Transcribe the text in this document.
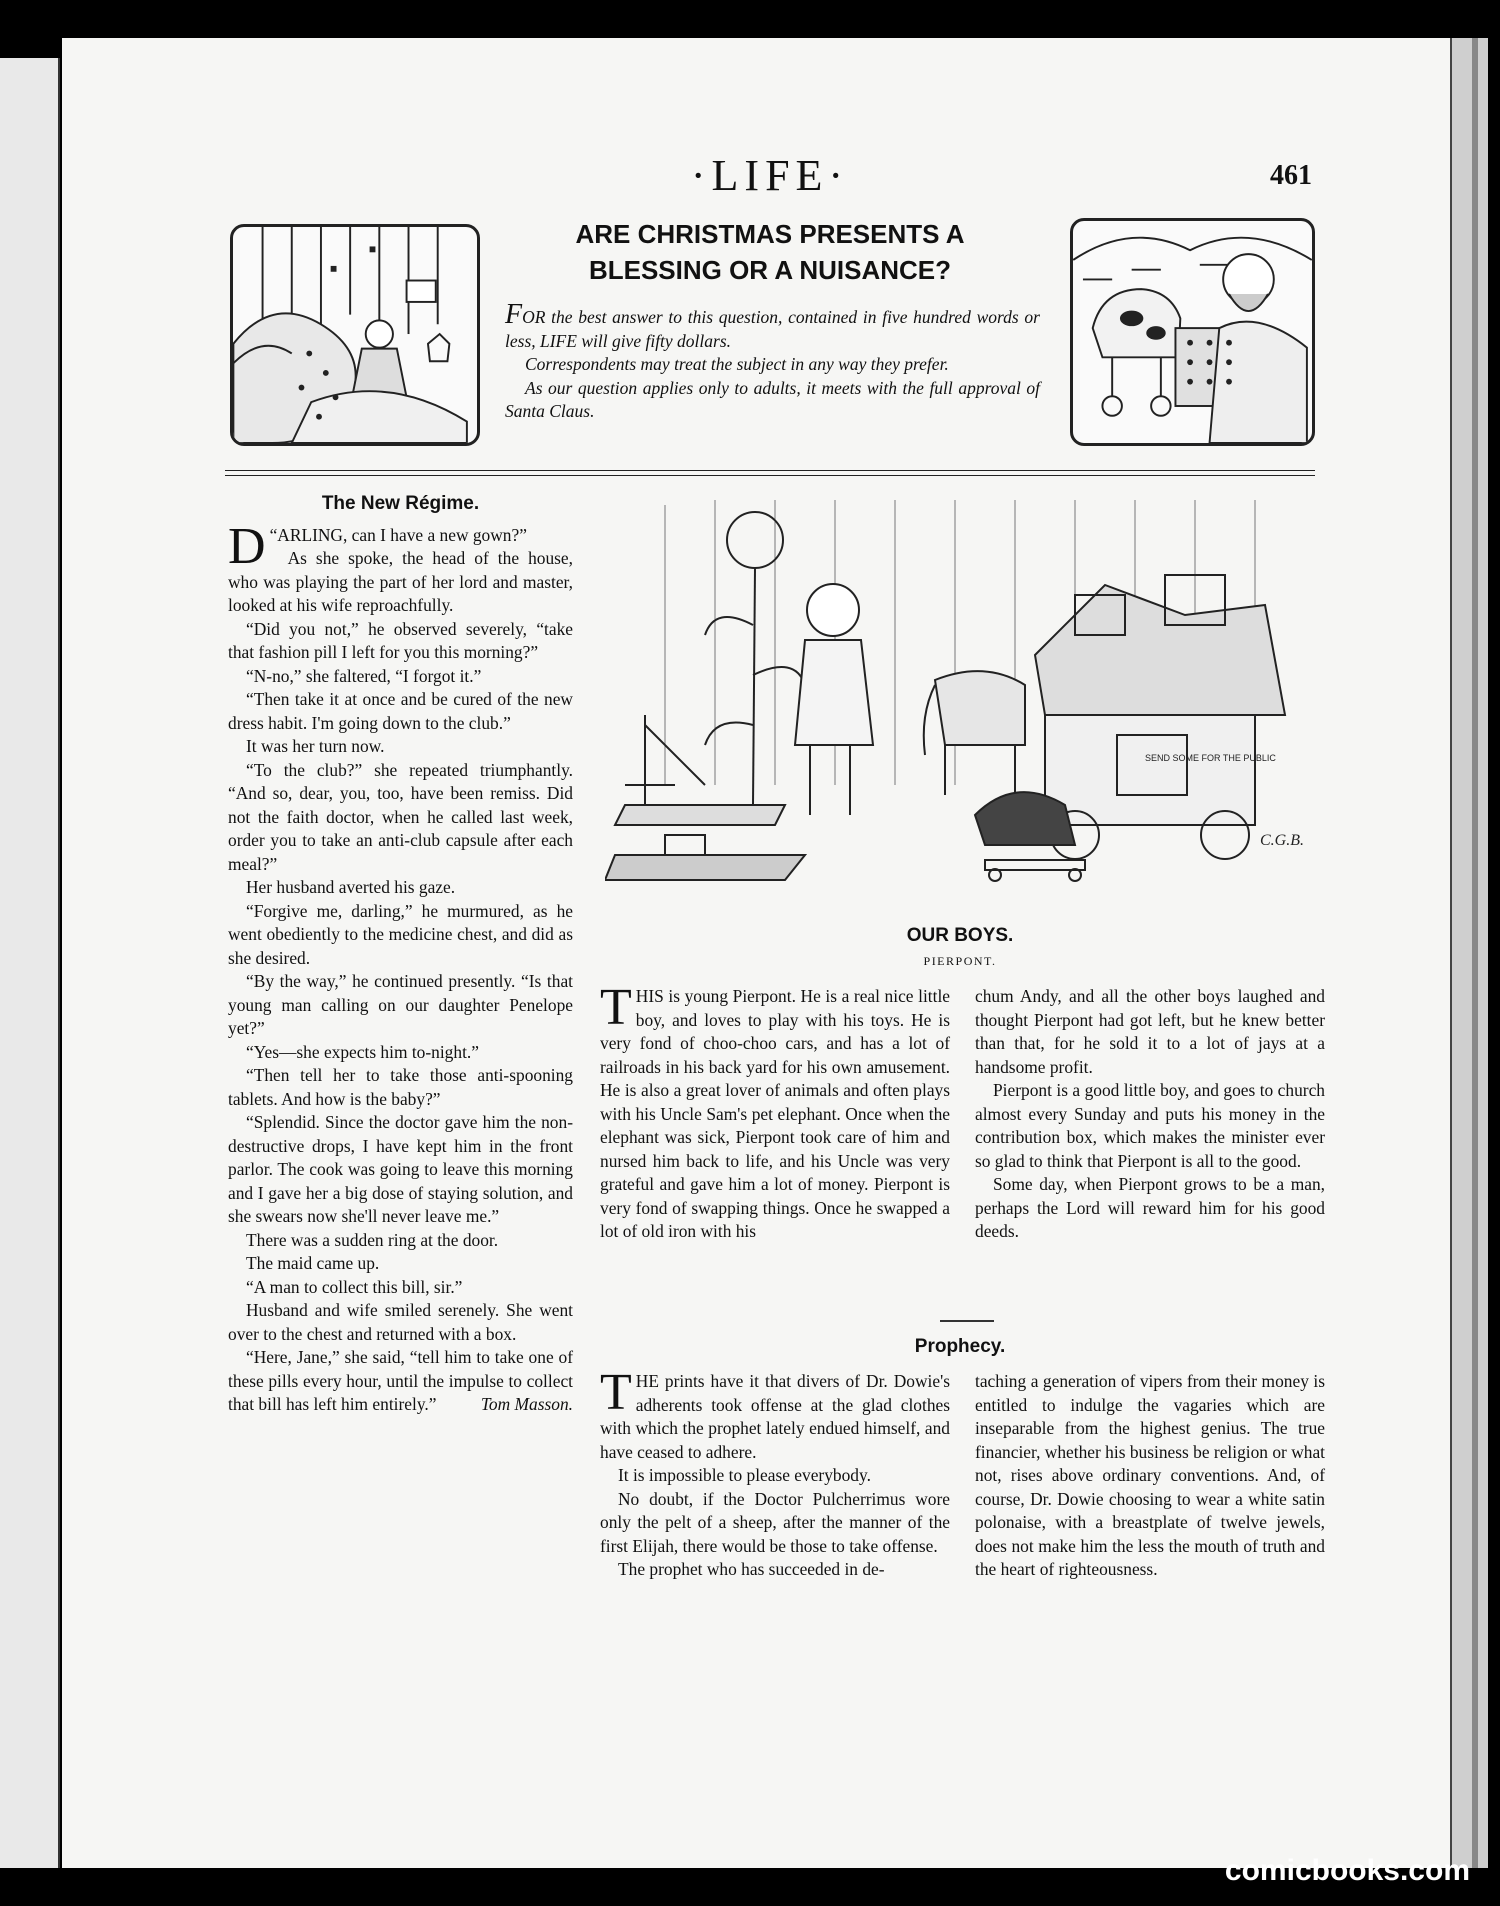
·LIFE·	461
ARE CHRISTMAS PRESENTS A
BLESSING OR A NUISANCE?

FOR the best answer to this question, contained in five hundred words or less, LIFE will give fifty dollars.

Correspondents may treat the subject in any way they prefer.

As our question applies only to adults, it meets with the full approval of Santa Claus.

The New Régime.

D “ARLING, can I have a new gown?”

As she spoke, the head of the house, who was playing the part of her lord and master, looked at his wife reproachfully.

“Did you not,” he observed severely, “take that fashion pill I left for you this morning?”

“N-no,” she faltered, “I forgot it.”

“Then take it at once and be cured of the new dress habit. I'm going down to the club.”

It was her turn now.

“To the club?” she repeated triumphantly. “And so, dear, you, too, have been remiss. Did not the faith doctor, when he called last week, order you to take an anti-club capsule after each meal?”

Her husband averted his gaze.

“Forgive me, darling,” he murmured, as he went obediently to the medicine chest, and did as she desired.

“By the way,” he continued presently. “Is that young man calling on our daughter Penelope yet?”

“Yes—she expects him to-night.”

“Then tell her to take those anti-spooning tablets. And how is the baby?”

“Splendid. Since the doctor gave him the non-destructive drops, I have kept him in the front parlor. The cook was going to leave this morning and I gave her a big dose of staying solution, and she swears now she'll never leave me.”

There was a sudden ring at the door.

The maid came up.

“A man to collect this bill, sir.”

Husband and wife smiled serenely. She went over to the chest and returned with a box.

“Here, Jane,” she said, “tell him to take one of these pills every hour, until the impulse to collect that bill has left him entirely.”	Tom Masson.

SEND SOME FOR THE PUBLIC
C.G.B.
OUR BOYS.
PIERPONT.

THIS is young Pierpont. He is a real nice little boy, and loves to play with his toys. He is very fond of choo-choo cars, and has a lot of railroads in his back yard for his own amusement. He is also a great lover of animals and often plays with his Uncle Sam's pet elephant. Once when the elephant was sick, Pierpont took care of him and nursed him back to life, and his Uncle was very grateful and gave him a lot of money. Pierpont is very fond of swapping things. Once he swapped a lot of old iron with his

chum Andy, and all the other boys laughed and thought Pierpont had got left, but he knew better than that, for he sold it to a lot of jays at a handsome profit.

Pierpont is a good little boy, and goes to church almost every Sunday and puts his money in the contribution box, which makes the minister ever so glad to think that Pierpont is all to the good.

Some day, when Pierpont grows to be a man, perhaps the Lord will reward him for his good deeds.

Prophecy.

THE prints have it that divers of Dr. Dowie's adherents took offense at the glad clothes with which the prophet lately endued himself, and have ceased to adhere.

It is impossible to please everybody.

No doubt, if the Doctor Pulcherrimus wore only the pelt of a sheep, after the manner of the first Elijah, there would be those to take offense.

The prophet who has succeeded in de-

taching a generation of vipers from their money is entitled to indulge the vagaries which are inseparable from the highest genius. The true financier, whether his business be religion or what not, rises above ordinary conventions. And, of course, Dr. Dowie choosing to wear a white satin polonaise, with a breastplate of twelve jewels, does not make him the less the mouth of truth and the heart of righteousness.

comicbooks.com
